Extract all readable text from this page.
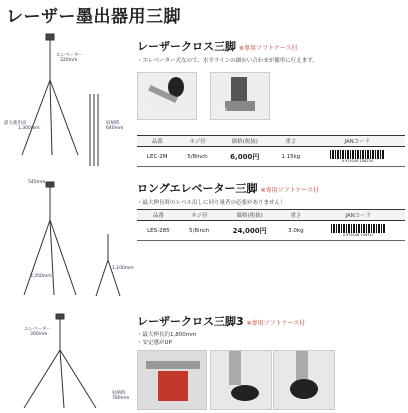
レーザー墨出器用三脚
エレベーター
320mm
最大使用高
1,300mm
収納時
640mm
レーザークロス三脚 ※専用ソフトケース付
・エレベーター式なので、水平ラインの細かい合わせが簡単に行えます。
ナット
ネジ部
品番	ネジ径	価格(税抜)	重さ	JANコード
LEC-2M	5/8inch	6,000円	1.15kg	4 974108 156234
540mm
2,350mm
1,100mm
ロングエレベーター三脚 ※専用ソフトケース付
・最大伸長時のレベル出しに回り量者の必要がありません！
品番	ネジ径	価格(税抜)	重さ	JANコード
LES-285	5/8inch	24,000円	3.0kg	4 974108 156357
エレベーター
300mm
収納時
780mm
レーザークロス三脚3 ※専用ソフトケース付
・最大伸長約1,800mm
・安定感がUP
